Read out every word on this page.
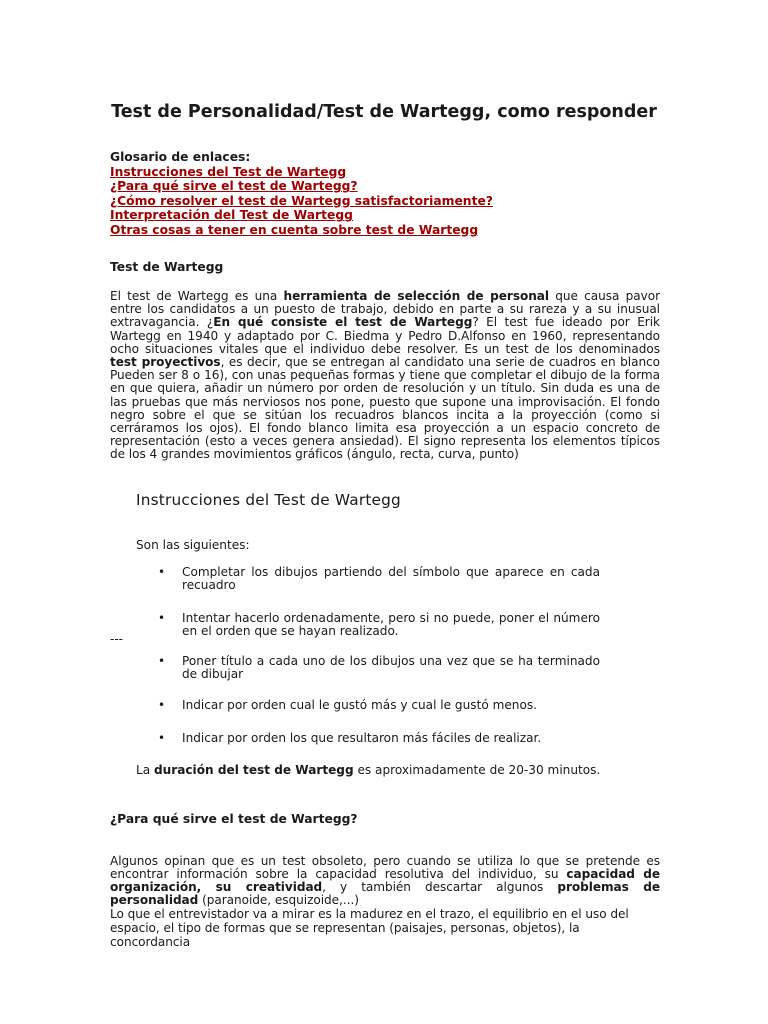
Test de Personalidad/Test de Wartegg, como responder
Glosario de enlaces:
Instrucciones del Test de Wartegg
¿Para qué sirve el test de Wartegg?
¿Cómo resolver el test de Wartegg satisfactoriamente?
Interpretación del Test de Wartegg
Otras cosas a tener en cuenta sobre test de Wartegg
Test de Wartegg

El test de Wartegg es una herramienta de selección de personal que causa pavor entre los candidatos a un puesto de trabajo, debido en parte a su rareza y a su inusual extravagancia. ¿En qué consiste el test de Wartegg? El test fue ideado por Erik Wartegg en 1940 y adaptado por C. Biedma y Pedro D.Alfonso en 1960, representando ocho situaciones vitales que el individuo debe resolver. Es un test de los denominados test proyectivos, es decir, que se entregan al candidato una serie de cuadros en blanco Pueden ser 8 o 16), con unas pequeñas formas y tiene que completar el dibujo de la forma en que quiera, añadir un número por orden de resolución y un título. Sin duda es una de las pruebas que más nerviosos nos pone, puesto que supone una improvisación. El fondo negro sobre el que se sitúan los recuadros blancos incita a la proyección (como si cerráramos los ojos). El fondo blanco limita esa proyección a un espacio concreto de representación (esto a veces genera ansiedad). El signo representa los elementos típicos de los 4 grandes movimientos gráficos (ángulo, recta, curva, punto)

Instrucciones del Test de Wartegg

Son las siguientes:

• Completar los dibujos partiendo del símbolo que aparece en cada recuadro
• Intentar hacerlo ordenadamente, pero si no puede, poner el número en el orden que se hayan realizado.
• Poner título a cada uno de los dibujos una vez que se ha terminado de dibujar
• Indicar por orden cual le gustó más y cual le gustó menos.
• Indicar por orden los que resultaron más fáciles de realizar.

---

La duración del test de Wartegg es aproximadamente de 20-30 minutos.

¿Para qué sirve el test de Wartegg?

Algunos opinan que es un test obsoleto, pero cuando se utiliza lo que se pretende es encontrar información sobre la capacidad resolutiva del individuo, su capacidad de organización, su creatividad, y también descartar algunos problemas de personalidad (paranoide, esquizoide,...)

Lo que el entrevistador va a mirar es la madurez en el trazo, el equilibrio en el uso del espacio, el tipo de formas que se representan (paisajes, personas, objetos), la concordancia
